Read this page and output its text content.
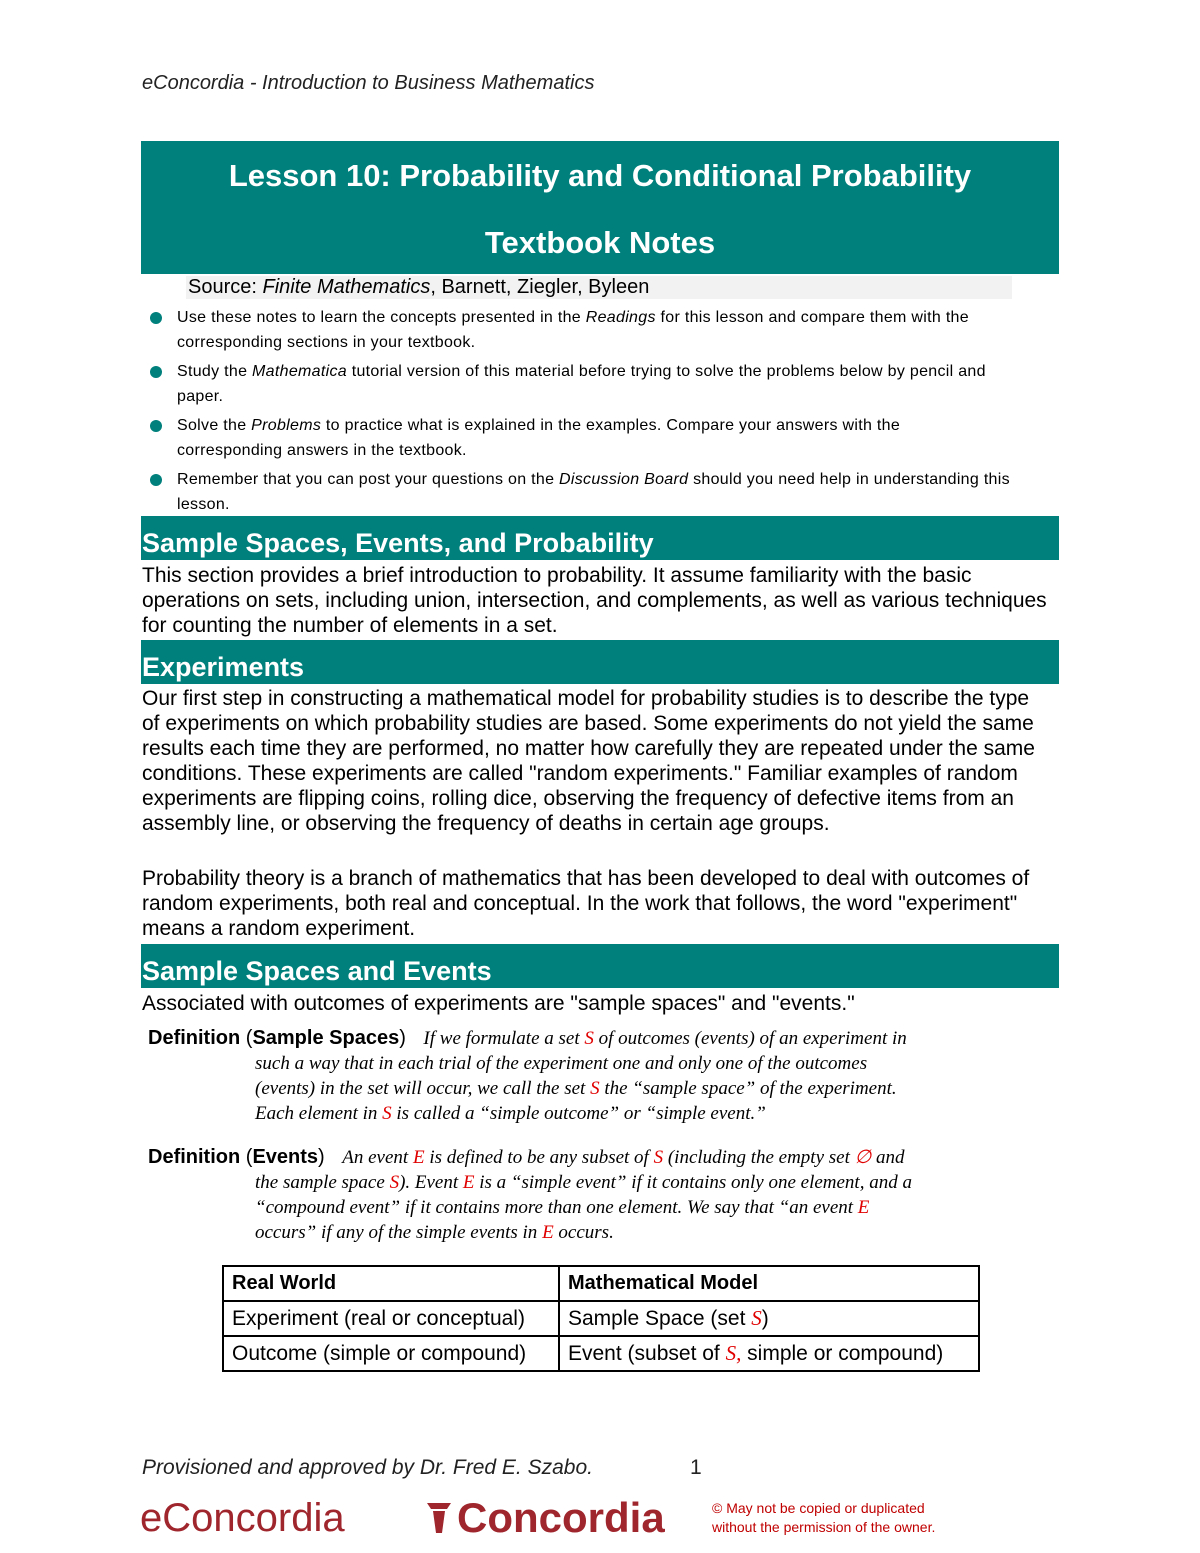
eConcordia - Introduction to Business Mathematics
Lesson 10: Probability and Conditional Probability
Textbook Notes
Source: Finite Mathematics, Barnett, Ziegler, Byleen
Use these notes to learn the concepts presented in the Readings for this lesson and compare them with the corresponding sections in your textbook.
Study the Mathematica tutorial version of this material before trying to solve the problems below by pencil and paper.
Solve the Problems to practice what is explained in the examples. Compare your answers with the corresponding answers in the textbook.
Remember that you can post your questions on the Discussion Board should you need help in understanding this lesson.
Sample Spaces, Events, and Probability
This section provides a brief introduction to probability. It assume familiarity with the basic operations on sets, including union, intersection, and complements, as well as various techniques for counting the number of elements in a set.
Experiments
Our first step in constructing a mathematical model for probability studies is to describe the type of experiments on which probability studies are based. Some experiments do not yield the same results each time they are performed, no matter how carefully they are repeated under the same conditions. These experiments are called "random experiments." Familiar examples of random experiments are flipping coins, rolling dice, observing the frequency of defective items from an assembly line, or observing the frequency of deaths in certain age groups.
Probability theory is a branch of mathematics that has been developed to deal with outcomes of random experiments, both real and conceptual. In the work that follows, the word "experiment" means a random experiment.
Sample Spaces and Events
Associated with outcomes of experiments are "sample spaces" and "events."
Definition (Sample Spaces) If we formulate a set S of outcomes (events) of an experiment in
such a way that in each trial of the experiment one and only one of the outcomes
(events) in the set will occur, we call the set S the “sample space” of the experiment.
Each element in S is called a “simple outcome” or “simple event.”
Definition (Events) An event E is defined to be any subset of S (including the empty set ∅ and
the sample space S). Event E is a “simple event” if it contains only one element, and a
“compound event” if it contains more than one element. We say that “an event E
occurs” if any of the simple events in E occurs.
Real World	Mathematical Model
Experiment (real or conceptual)	Sample Space (set S)
Outcome (simple or compound)	Event (subset of S, simple or compound)
Provisioned and approved by Dr. Fred E. Szabo.	1
eConcordia	Concordia	© May not be copied or duplicated
without the permission of the owner.
